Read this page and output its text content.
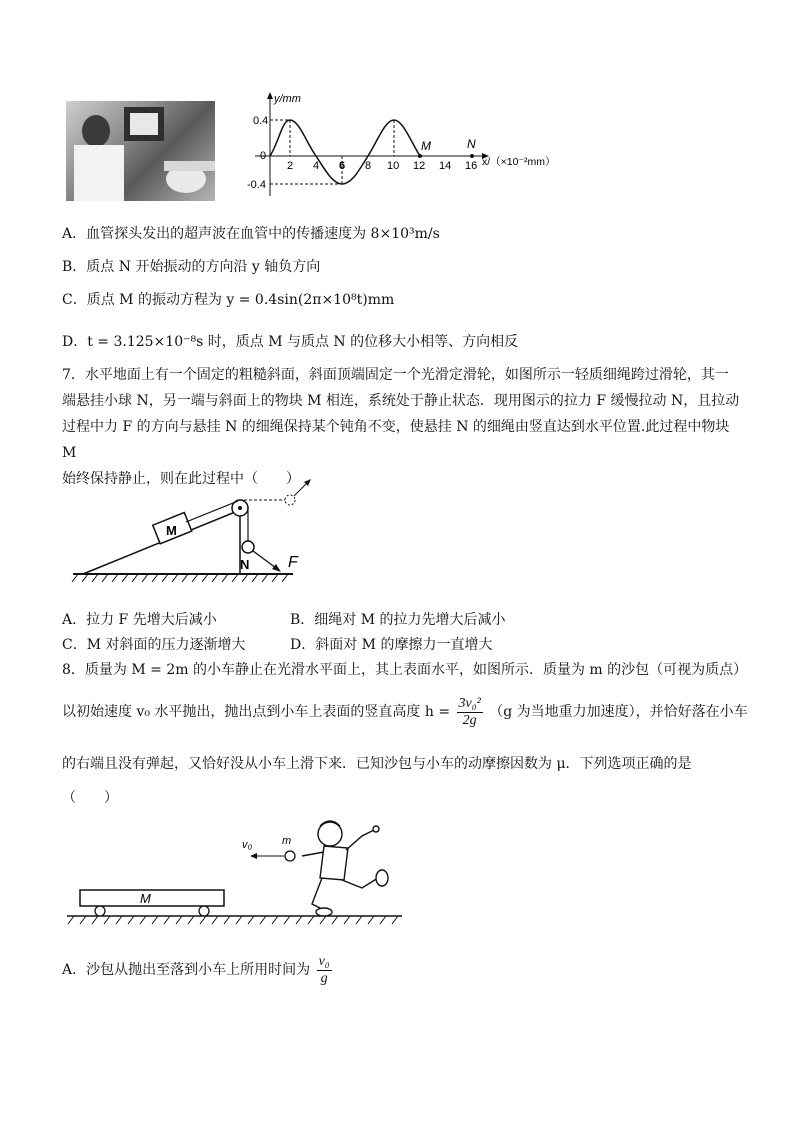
y/mm
0.4
-0.4
0
2 4 6 8 10 12 14 16
M	N
x/（×10⁻²mm）
A．血管探头发出的超声波在血管中的传播速度为 8×10³m/s
B．质点 N 开始振动的方向沿 y 轴负方向
C．质点 M 的振动方程为 y = 0.4sin(2π×10⁸t)mm
D．t = 3.125×10⁻⁸s 时，质点 M 与质点 N 的位移大小相等、方向相反
7．水平地面上有一个固定的粗糙斜面，斜面顶端固定一个光滑定滑轮，如图所示一轻质细绳跨过滑轮，其一
端悬挂小球 N，另一端与斜面上的物块 M 相连，系统处于静止状态．现用图示的拉力 F 缓慢拉动 N，且拉动
过程中力 F 的方向与悬挂 N 的细绳保持某个钝角不变，使悬挂 N 的细绳由竖直达到水平位置.此过程中物块 M
始终保持静止，则在此过程中（　　）
M
N F
A．拉力 F 先增大后减小	B．细绳对 M 的拉力先增大后减小
C．M 对斜面的压力逐渐增大	D．斜面对 M 的摩擦力一直增大
8．质量为 M = 2m 的小车静止在光滑水平面上，其上表面水平，如图所示．质量为 m 的沙包（可视为质点）
以初始速度 v₀ 水平抛出，抛出点到小车上表面的竖直高度 $h = \frac{\text{3v₀²}}{2g} (g$ 为当地重力加速度），并恰好落在小车
的右端且没有弹起，又恰好没从小车上滑下来．已知沙包与小车的动摩擦因数为 μ．下列选项正确的是
（　　）
M
v₀	m
A．沙包从抛出至落到小车上所用时间为 $\frac{\text{v₀}}{g}$
